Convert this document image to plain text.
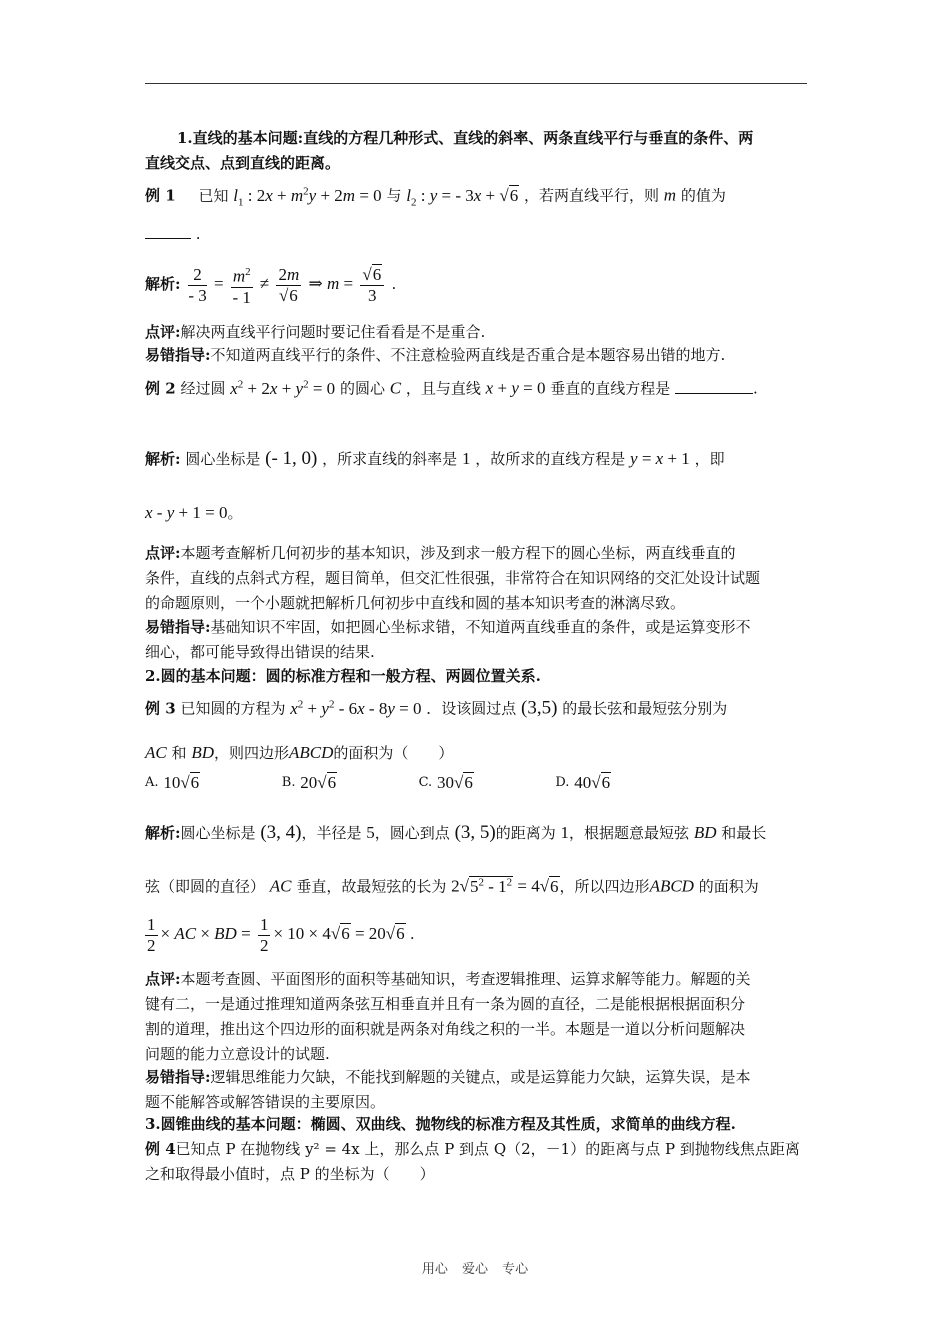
1.直线的基本问题:直线的方程几种形式、直线的斜率、两条直线平行与垂直的条件、两
直线交点、点到直线的距离。
例 1 已知 $l_1$ : $2x + m^2y + 2m = 0$ 与 $l_2$ : y = - 3x + √6 ，若两直线平行，则 m 的值为
.
解析: $\frac{2}{- 3} = \frac{m^2}{- 1} \ne \frac{2m}{√6}$ ⇒ $m = \frac{√6}{3}$ .
点评:解决两直线平行问题时要记住看看是不是重合.
易错指导:不知道两直线平行的条件、不注意检验两直线是否重合是本题容易出错的地方.
例 2 经过圆 $x^2 + 2x + y^2 = 0$ 的圆心 C ，且与直线 x + y = 0 垂直的直线方程是	.
解析: 圆心坐标是 (- 1, 0) ，所求直线的斜率是 1 ，故所求的直线方程是 y = x + 1 ，即
x - y + 1 = 0。
点评:本题考查解析几何初步的基本知识，涉及到求一般方程下的圆心坐标，两直线垂直的
条件，直线的点斜式方程，题目简单，但交汇性很强，非常符合在知识网络的交汇处设计试题
的命题原则，一个小题就把解析几何初步中直线和圆的基本知识考查的淋漓尽致。
易错指导:基础知识不牢固，如把圆心坐标求错，不知道两直线垂直的条件，或是运算变形不
细心，都可能导致得出错误的结果.
2.圆的基本问题：圆的标准方程和一般方程、两圆位置关系.
例 3 已知圆的方程为 $x^2 + y^2 - 6x - 8y = 0$ ．设该圆过点 (3,5) 的最长弦和最短弦分别为
AC 和 BD，则四边形ABCD的面积为（　　）
A. 10√6	B. 20√6	C. 30√6	D. 40√6
解析:圆心坐标是 (3, 4)，半径是 5，圆心到点 (3, 5)的距离为 1，根据题意最短弦 BD 和最长
弦（即圆的直径） AC 垂直，故最短弦的长为 $2√5^2 - 1^2 = 4√6$，所以四边形ABCD 的面积为
$\frac{1}{2}$ × AC × BD = $\frac{1}{2} \times 10 \times 4√6 = 20√6$ .
点评:本题考查圆、平面图形的面积等基础知识，考查逻辑推理、运算求解等能力。解题的关
键有二，一是通过推理知道两条弦互相垂直并且有一条为圆的直径，二是能根据根据面积分
割的道理，推出这个四边形的面积就是两条对角线之积的一半。本题是一道以分析问题解决
问题的能力立意设计的试题.
易错指导:逻辑思维能力欠缺，不能找到解题的关键点，或是运算能力欠缺，运算失误，是本
题不能解答或解答错误的主要原因。
3.圆锥曲线的基本问题：椭圆、双曲线、抛物线的标准方程及其性质，求简单的曲线方程.
例 4已知点 P 在抛物线 y² = 4x 上，那么点 P 到点 Q（2，－1）的距离与点 P 到抛物线焦点距离
之和取得最小值时，点 P 的坐标为（　　）
用心 爱心 专心
